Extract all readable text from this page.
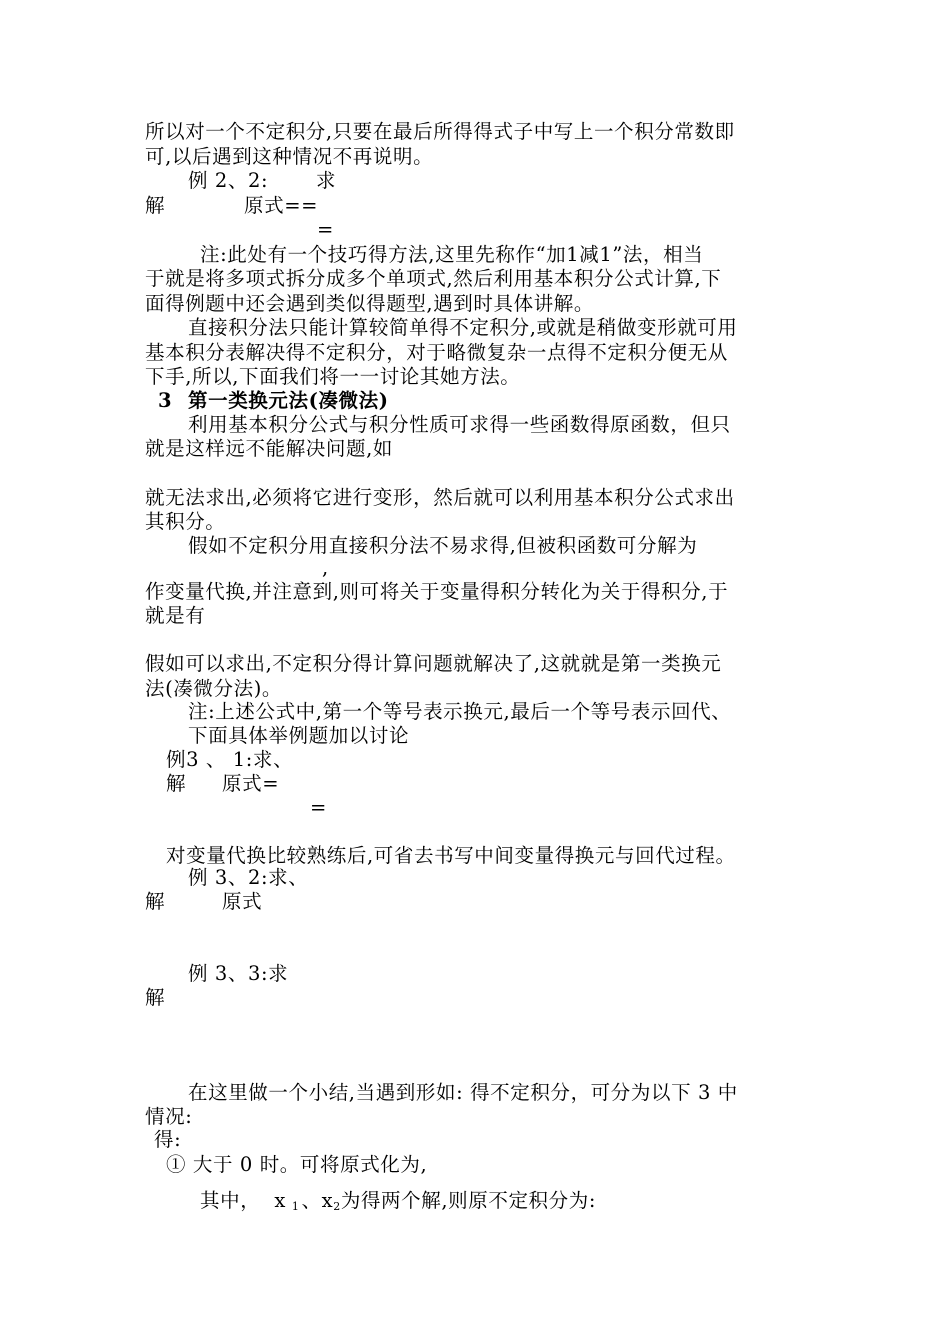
所以对一个不定积分,只要在最后所得得式子中写上一个积分常数即
可,以后遇到这种情况不再说明。
例 2、2: 求
解	原式==
=
注:此处有一个技巧得方法,这里先称作“加1减1”法，相当
于就是将多项式拆分成多个单项式,然后利用基本积分公式计算,下
面得例题中还会遇到类似得题型,遇到时具体讲解。
直接积分法只能计算较简单得不定积分,或就是稍做变形就可用
基本积分表解决得不定积分，对于略微复杂一点得不定积分便无从
下手,所以,下面我们将一一讨论其她方法。
3 第一类换元法(凑微法)
利用基本积分公式与积分性质可求得一些函数得原函数，但只
就是这样远不能解决问题,如
就无法求出,必须将它进行变形，然后就可以利用基本积分公式求出
其积分。
假如不定积分用直接积分法不易求得,但被积函数可分解为
,
作变量代换,并注意到,则可将关于变量得积分转化为关于得积分,于
就是有
假如可以求出,不定积分得计算问题就解决了,这就就是第一类换元
法(凑微分法)。
注:上述公式中,第一个等号表示换元,最后一个等号表示回代、
下面具体举例题加以讨论
例3 、 1:求、
解 原式=
=
对变量代换比较熟练后,可省去书写中间变量得换元与回代过程。
例 3、2:求、
解	原式
例 3、3:求
解
在这里做一个小结,当遇到形如: 得不定积分，可分为以下 3 中
情况:
得:
① 大于 0 时。可将原式化为,
其中， x $_1$ 、$x_2$为得两个解,则原不定积分为:
